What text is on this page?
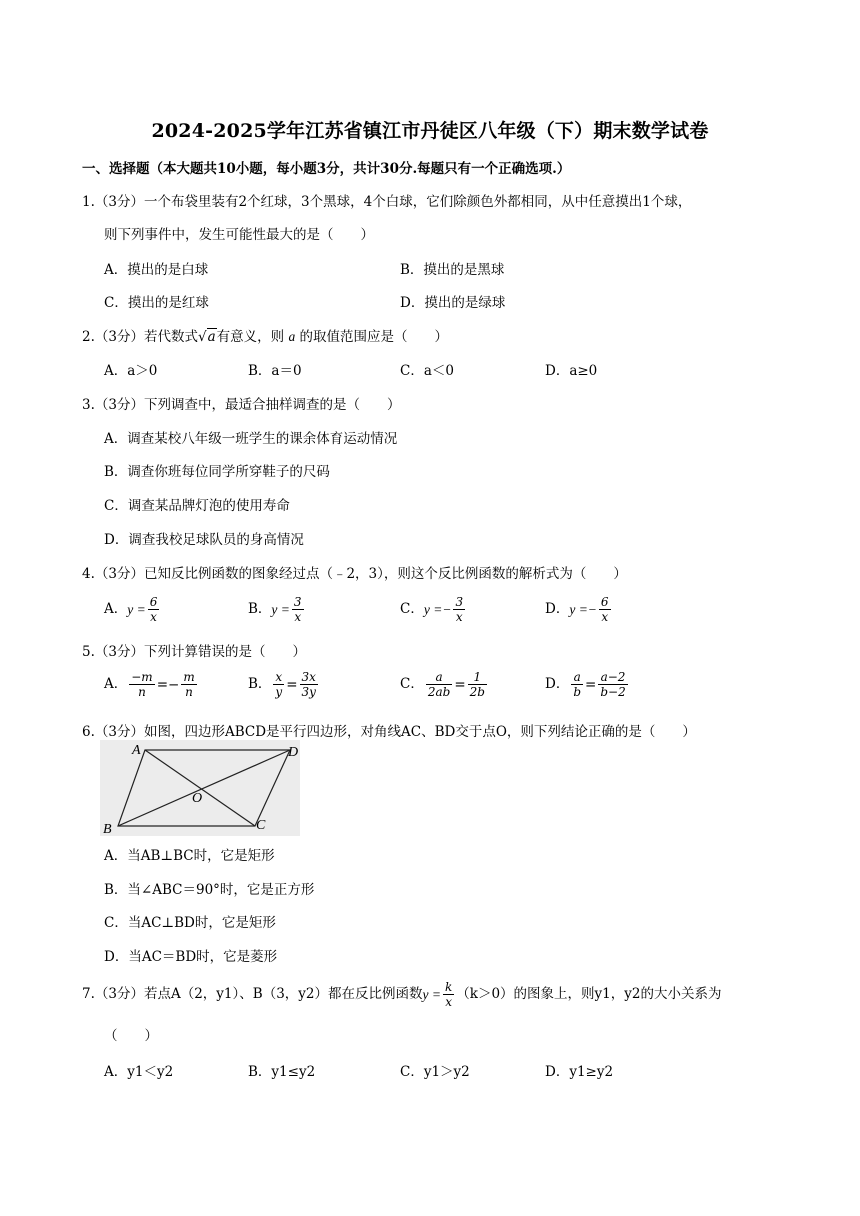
2024-2025学年江苏省镇江市丹徒区八年级（下）期末数学试卷
一、选择题（本大题共10小题，每小题3分，共计30分.每题只有一个正确选项.）
1.（3分）一个布袋里装有2个红球，3个黑球，4个白球，它们除颜色外都相同，从中任意摸出1个球，
则下列事件中，发生可能性最大的是（　　）
A．摸出的是白球	B．摸出的是黑球
C．摸出的是红球	D．摸出的是绿球
2.（3分）若代数式√a有意义，则 a 的取值范围应是（　　）
A．a＞0	B．a＝0	C．a＜0	D．a≥0
3.（3分）下列调查中，最适合抽样调查的是（　　）
A．调查某校八年级一班学生的课余体育运动情况
B．调查你班每位同学所穿鞋子的尺码
C．调查某品牌灯泡的使用寿命
D．调查我校足球队员的身高情况
4.（3分）已知反比例函数的图象经过点（﹣2，3），则这个反比例函数的解析式为（　　）
A．$y = \frac{6}{x}$	B．$y = \frac{3}{x}$	C．$y =- \frac{3}{x}$	D．$y =- \frac{6}{x}$
5.（3分）下列计算错误的是（　　）
A． $\frac{-m}{n} =- \frac{m}{n}$	B． $\frac{x}{y} = \frac{3x}{3y}$	C． $\frac{a}{2ab} = \frac{1}{2b}$	D． $\frac{a}{b} = \frac{a-2}{b-2}$
6.（3分）如图，四边形ABCD是平行四边形，对角线AC、BD交于点O，则下列结论正确的是（　　）
A	D
B	C
O
A．当AB⊥BC时，它是矩形
B．当∠ABC＝90°时，它是正方形
C．当AC⊥BD时，它是矩形
D．当AC＝BD时，它是菱形
7.（3分）若点A（2，y1）、B（3，y2）都在反比例函数$y = \frac{k}{x} (k>0)$的图象上，则y1，y2的大小关系为
（　　）
A．y1＜y2	B．y1≤y2	C．y1＞y2	D．y1≥y2
